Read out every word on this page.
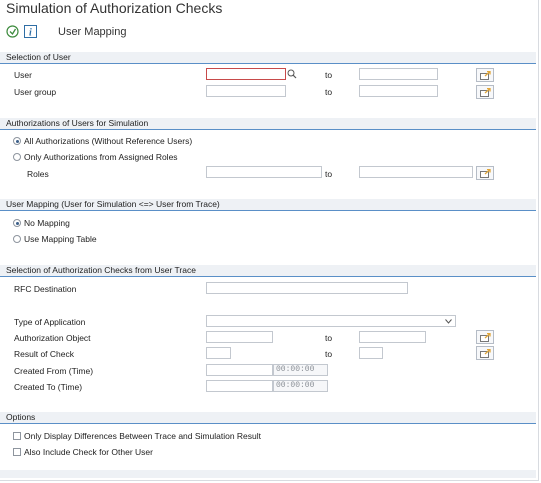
Simulation of Authorization Checks
i User Mapping
Selection of User
User	to
User group	to
Authorizations of Users for Simulation
All Authorizations (Without Reference Users)
Only Authorizations from Assigned Roles
Roles	to
User Mapping (User for Simulation <=> User from Trace)
No Mapping
Use Mapping Table
Selection of Authorization Checks from User Trace
RFC Destination
Type of Application
Authorization Object	to
Result of Check	to
Created From (Time)	00:00:00
Created To (Time)	00:00:00
Options
Only Display Differences Between Trace and Simulation Result
Also Include Check for Other User
